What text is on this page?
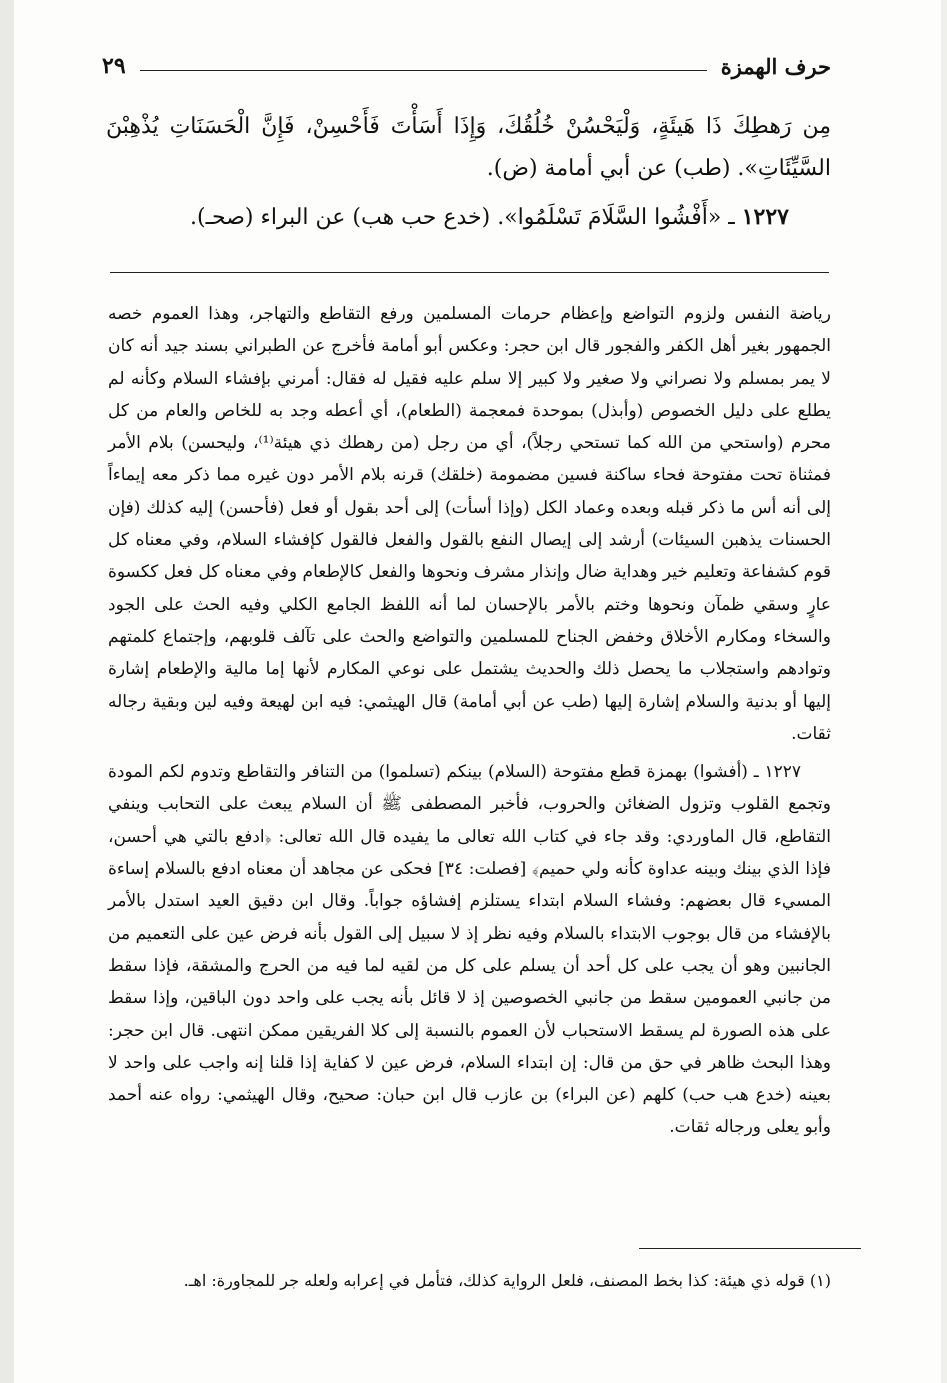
حرف الهمزة
٢٩

مِن رَهطِكَ ذَا هَيئَةٍ، وَلْيَحْسُنْ خُلُقُكَ، وَإِذَا أَسَأْتَ فَأَحْسِنْ، فَإِنَّ الْحَسَنَاتِ يُذْهِبْنَ السَّيِّئَاتِ». (طب) عن أبي أمامة (ض).

١٢٢٧ ـ «أَفْشُوا السَّلَامَ تَسْلَمُوا». (خدع حب هب) عن البراء (صحـ).

رياضة النفس ولزوم التواضع وإعظام حرمات المسلمين ورفع التقاطع والتهاجر، وهذا العموم خصه الجمهور بغير أهل الكفر والفجور قال ابن حجر: وعكس أبو أمامة فأخرج عن الطبراني بسند جيد أنه كان لا يمر بمسلم ولا نصراني ولا صغير ولا كبير إلا سلم عليه فقيل له فقال: أمرني بإفشاء السلام وكأنه لم يطلع على دليل الخصوص (وأبذل) بموحدة فمعجمة (الطعام)، أي أعطه وجد به للخاص والعام من كل محرم (واستحي من الله كما تستحي رجلاً)، أي من رجل (من رهطك ذي هيئة⁽¹⁾، وليحسن) بلام الأمر فمثناة تحت مفتوحة فحاء ساكنة فسين مضمومة (خلقك) قرنه بلام الأمر دون غيره مما ذكر معه إيماءاً إلى أنه أس ما ذكر قبله وبعده وعماد الكل (وإذا أسأت) إلى أحد بقول أو فعل (فأحسن) إليه كذلك (فإن الحسنات يذهبن السيئات) أرشد إلى إيصال النفع بالقول والفعل فالقول كإفشاء السلام، وفي معناه كل قوم كشفاعة وتعليم خير وهداية ضال وإنذار مشرف ونحوها والفعل كالإطعام وفي معناه كل فعل ككسوة عارٍ وسقي ظمآن ونحوها وختم بالأمر بالإحسان لما أنه اللفظ الجامع الكلي وفيه الحث على الجود والسخاء ومكارم الأخلاق وخفض الجناح للمسلمين والتواضع والحث على تآلف قلوبهم، وإجتماع كلمتهم وتوادهم واستجلاب ما يحصل ذلك والحديث يشتمل على نوعي المكارم لأنها إما مالية والإطعام إشارة إليها أو بدنية والسلام إشارة إليها (طب عن أبي أمامة) قال الهيثمي: فيه ابن لهيعة وفيه لين وبقية رجاله ثقات.

١٢٢٧ ـ (أفشوا) بهمزة قطع مفتوحة (السلام) بينكم (تسلموا) من التنافر والتقاطع وتدوم لكم المودة وتجمع القلوب وتزول الضغائن والحروب، فأخبر المصطفى ﷺ أن السلام يبعث على التحابب وينفي التقاطع، قال الماوردي: وقد جاء في كتاب الله تعالى ما يفيده قال الله تعالى: ﴿ادفع بالتي هي أحسن، فإذا الذي بينك وبينه عداوة كأنه ولي حميم﴾ [فصلت: ٣٤] فحكى عن مجاهد أن معناه ادفع بالسلام إساءة المسيء قال بعضهم: وفشاء السلام ابتداء يستلزم إفشاؤه جواباً. وقال ابن دقيق العيد استدل بالأمر بالإفشاء من قال بوجوب الابتداء بالسلام وفيه نظر إذ لا سبيل إلى القول بأنه فرض عين على التعميم من الجانبين وهو أن يجب على كل أحد أن يسلم على كل من لقيه لما فيه من الحرج والمشقة، فإذا سقط من جانبي العمومين سقط من جانبي الخصوصين إذ لا قائل بأنه يجب على واحد دون الباقين، وإذا سقط على هذه الصورة لم يسقط الاستحباب لأن العموم بالنسبة إلى كلا الفريقين ممكن انتهى. قال ابن حجر: وهذا البحث ظاهر في حق من قال: إن ابتداء السلام، فرض عين لا كفاية إذا قلنا إنه واجب على واحد لا بعينه (خدع هب حب) كلهم (عن البراء) بن عازب قال ابن حبان: صحيح، وقال الهيثمي: رواه عنه أحمد وأبو يعلى ورجاله ثقات.

(١) قوله ذي هيئة: كذا بخط المصنف، فلعل الرواية كذلك، فتأمل في إعرابه ولعله جر للمجاورة: اهـ.
